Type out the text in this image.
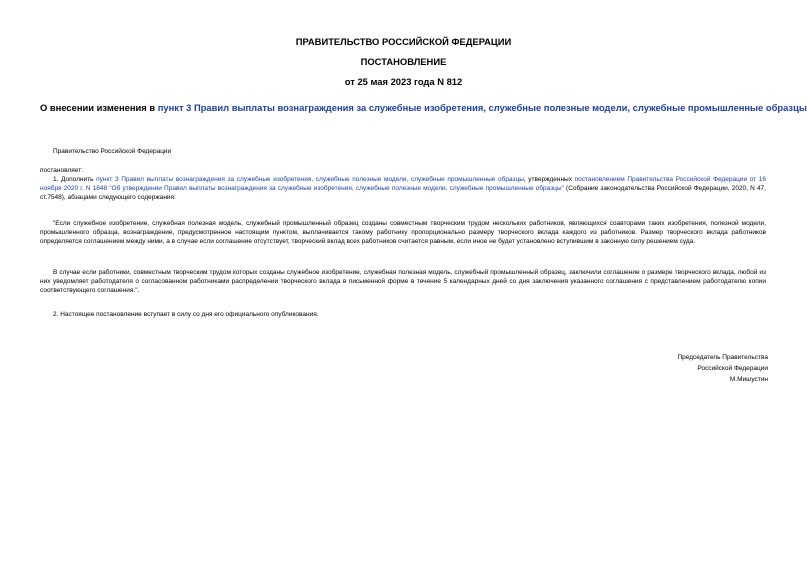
ПРАВИТЕЛЬСТВО РОССИЙСКОЙ ФЕДЕРАЦИИ
ПОСТАНОВЛЕНИЕ
от 25 мая 2023 года N 812
О внесении изменения в пункт 3 Правил выплаты вознаграждения за служебные изобретения, служебные полезные модели, служебные промышленные образцы

Правительство Российской Федерации

постановляет:

1. Дополнить пункт 3 Правил выплаты вознаграждения за служебные изобретения, служебные полезные модели, служебные промышленные образцы, утвержденных постановлением Правительства Российской Федерации от 16 ноября 2020 г. N 1848 "Об утверждении Правил выплаты вознаграждения за служебные изобретения, служебные полезные модели, служебные промышленные образцы" (Собрание законодательства Российской Федерации, 2020, N 47, ст.7548), абзацами следующего содержания:

"Если служебное изобретение, служебная полезная модель, служебный промышленный образец созданы совместным творческим трудом нескольких работников, являющихся соавторами таких изобретения, полезной модели, промышленного образца, вознаграждение, предусмотренное настоящим пунктом, выплачивается такому работнику пропорционально размеру творческого вклада каждого из работников. Размер творческого вклада работников определяется соглашением между ними, а в случае если соглашение отсутствует, творческий вклад всех работников считается равным, если иное не будет установлено вступившим в законную силу решением суда.

В случае если работники, совместным творческим трудом которых созданы служебное изобретение, служебная полезная модель, служебный промышленный образец, заключили соглашение о размере творческого вклада, любой из них уведомляет работодателя о согласованном работниками распределении творческого вклада в письменной форме в течение 5 календарных дней со дня заключения указанного соглашения с представлением работодателю копии соответствующего соглашения.".

2. Настоящее постановление вступает в силу со дня его официального опубликования.

Председатель Правительства
Российской Федерации
М.Мишустин
